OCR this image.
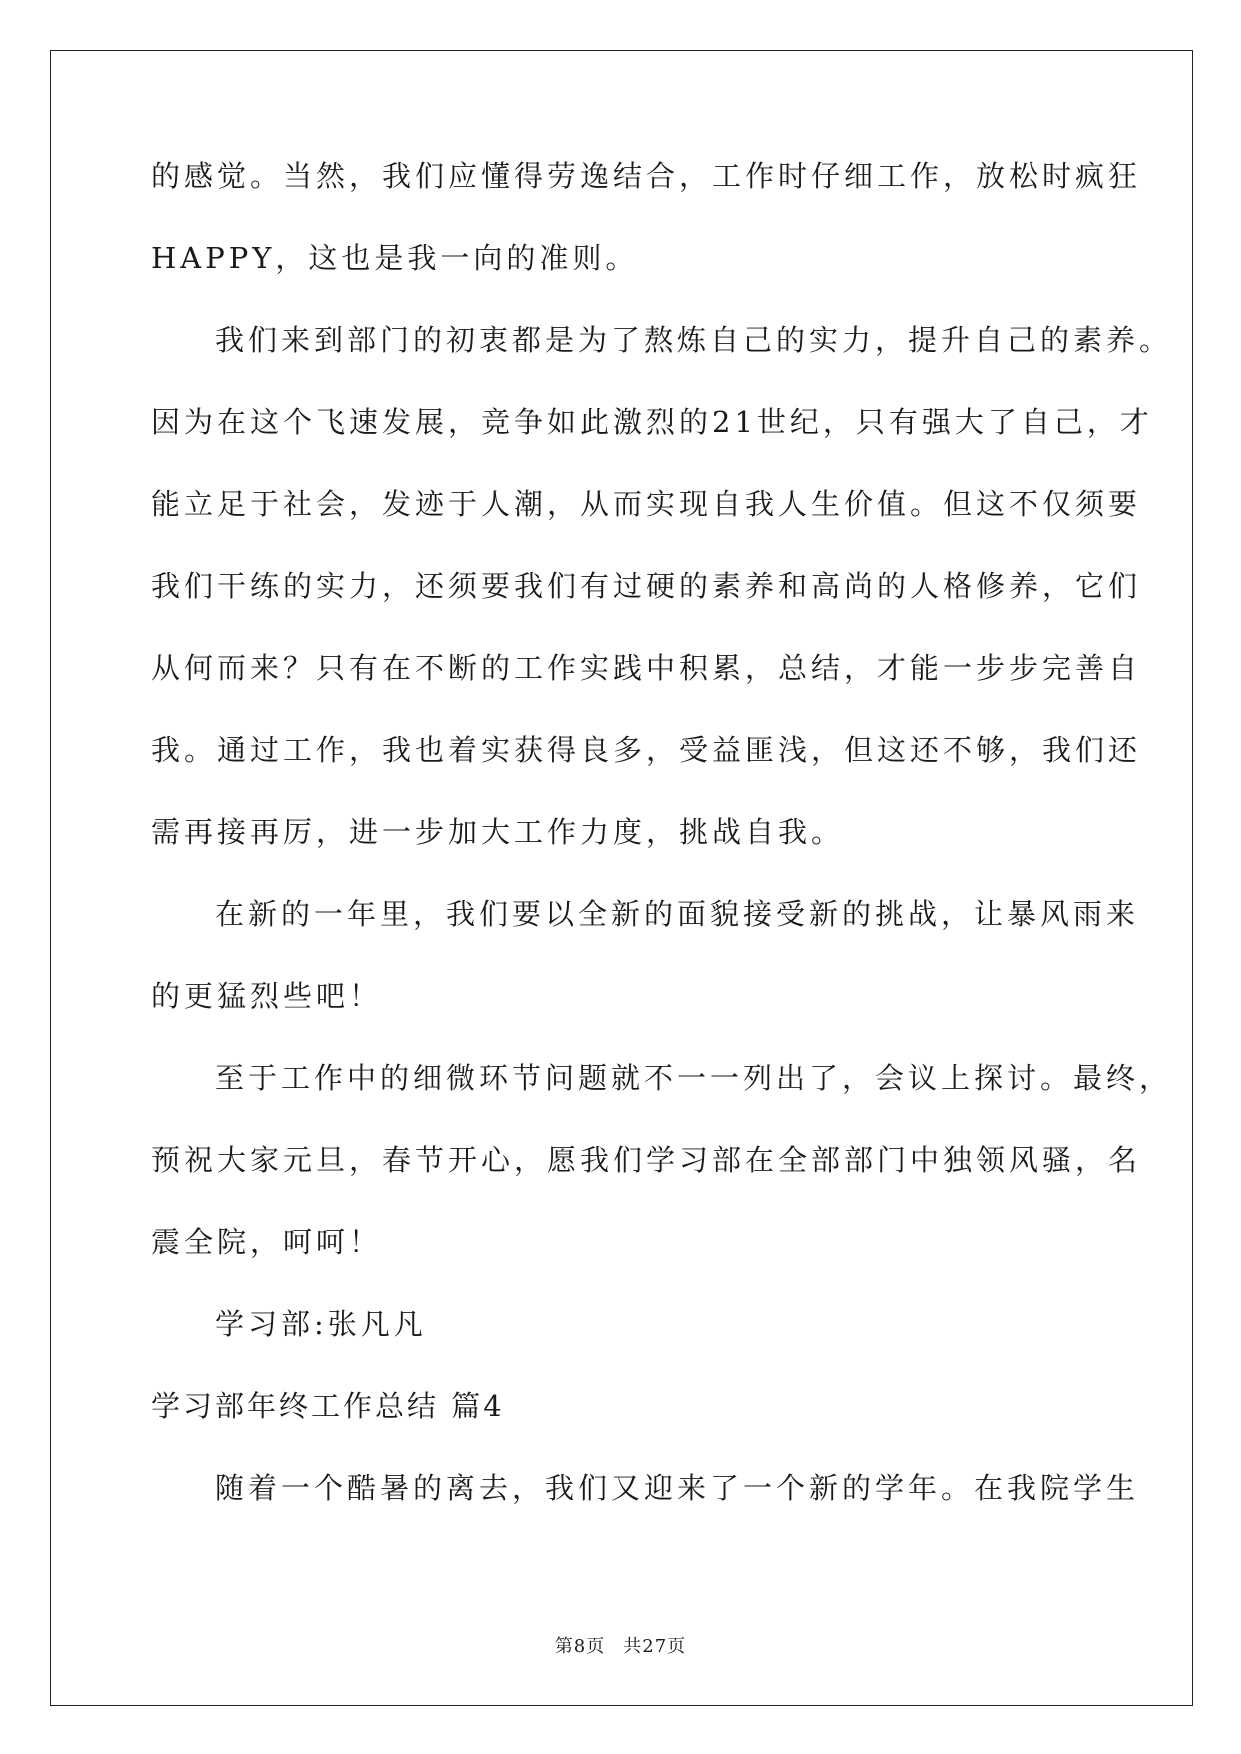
的感觉。当然，我们应懂得劳逸结合，工作时仔细工作，放松时疯狂

HAPPY，这也是我一向的准则。

我们来到部门的初衷都是为了熬炼自己的实力，提升自己的素养。

因为在这个飞速发展，竞争如此激烈的21世纪，只有强大了自己，才

能立足于社会，发迹于人潮，从而实现自我人生价值。但这不仅须要

我们干练的实力，还须要我们有过硬的素养和高尚的人格修养，它们

从何而来？只有在不断的工作实践中积累，总结，才能一步步完善自

我。通过工作，我也着实获得良多，受益匪浅，但这还不够，我们还

需再接再厉，进一步加大工作力度，挑战自我。

在新的一年里，我们要以全新的面貌接受新的挑战，让暴风雨来

的更猛烈些吧！

至于工作中的细微环节问题就不一一列出了，会议上探讨。最终，

预祝大家元旦，春节开心，愿我们学习部在全部部门中独领风骚，名

震全院，呵呵！

学习部:张凡凡

学习部年终工作总结 篇4

随着一个酷暑的离去，我们又迎来了一个新的学年。在我院学生

第8页 共27页
